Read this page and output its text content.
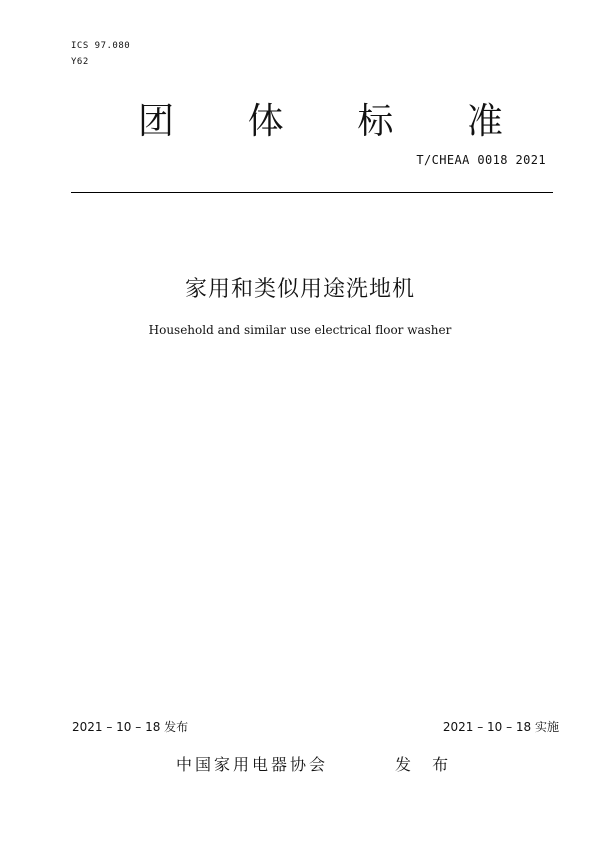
ICS 97.080
Y62
团 体 标 准
T/CHEAA 0018 2021
家用和类似用途洗地机
Household and similar use electrical floor washer
2021 – 10 – 18 发布	2021 – 10 – 18 实施
中国家用电器协会	发 布
